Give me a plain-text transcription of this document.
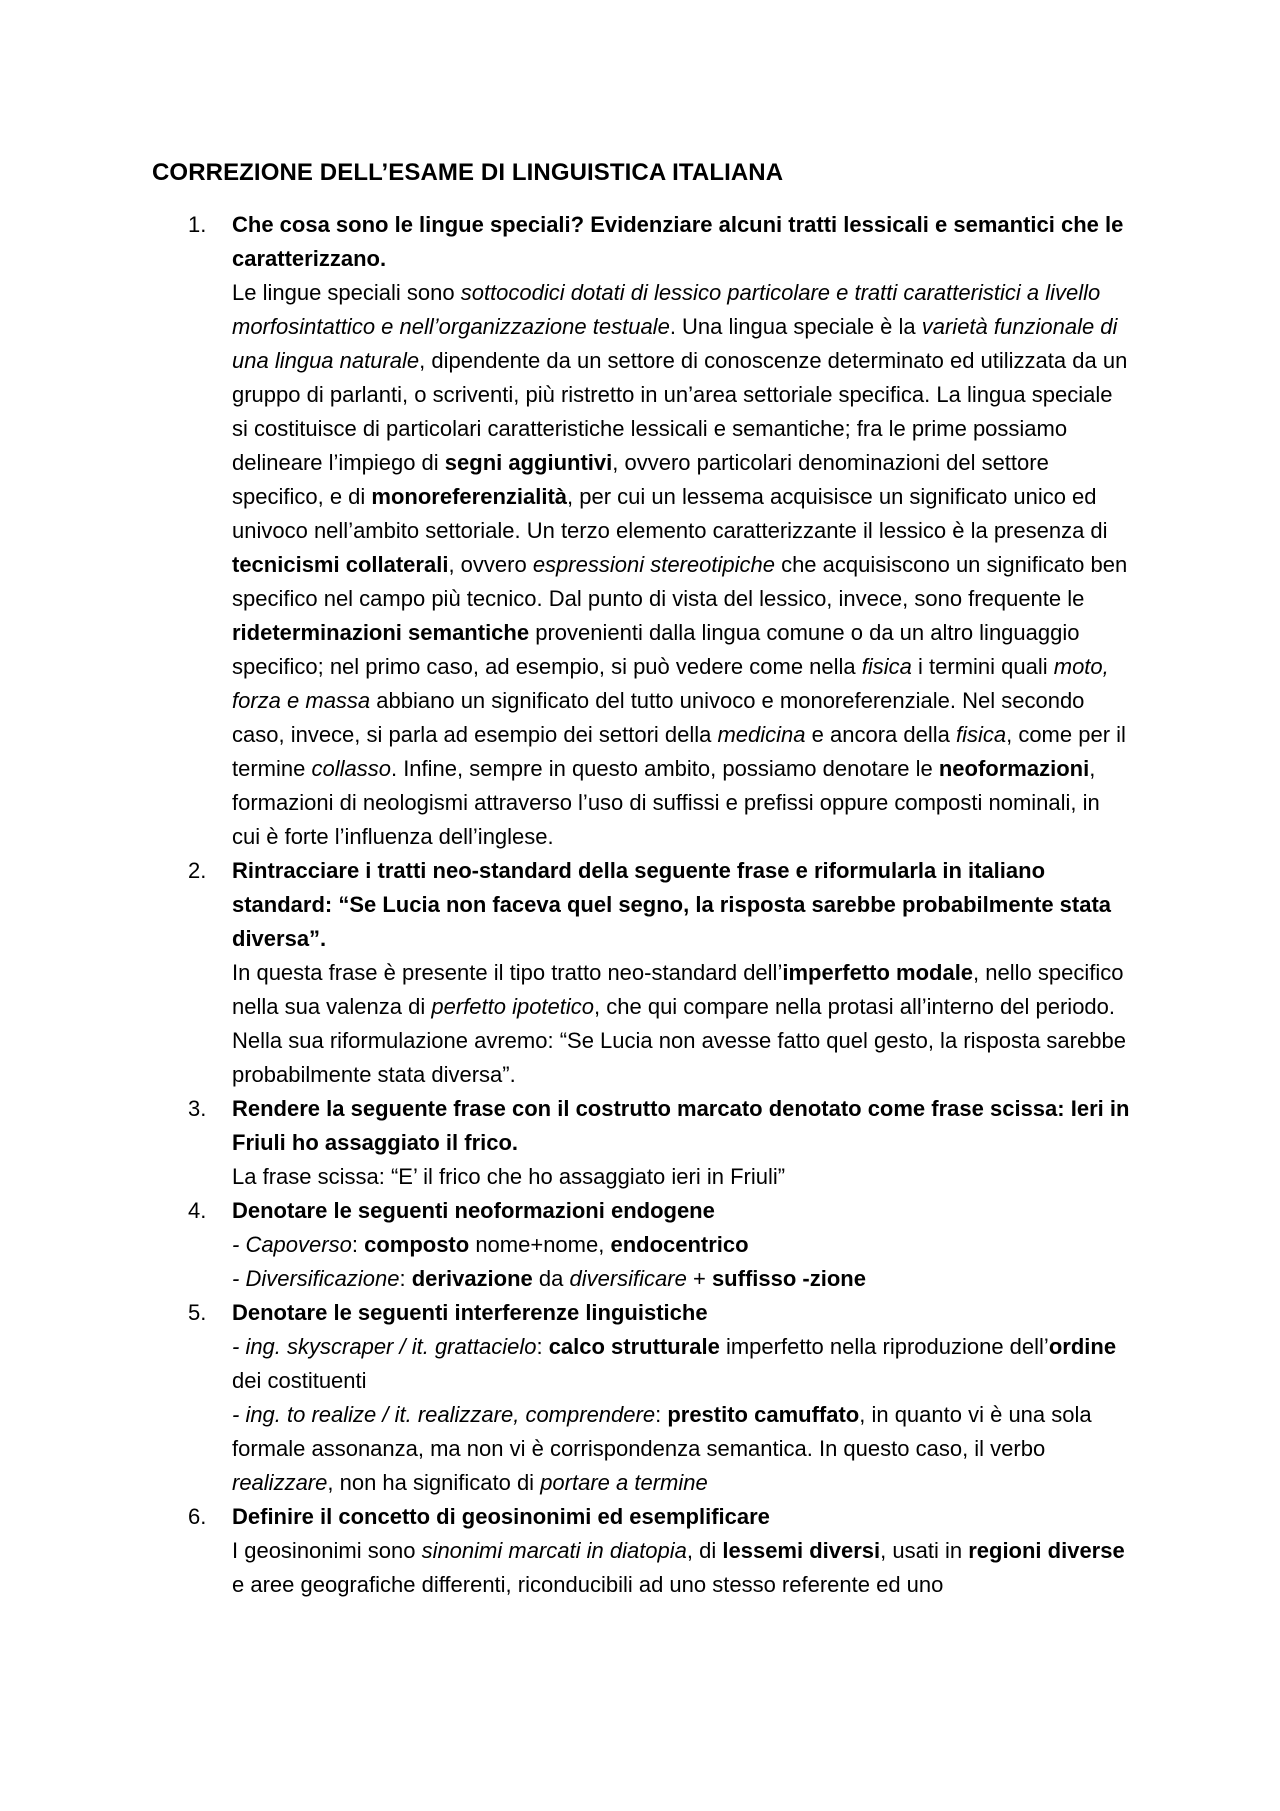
CORREZIONE DELL’ESAME DI LINGUISTICA ITALIANA
1.	Che cosa sono le lingue speciali? Evidenziare alcuni tratti lessicali e semantici che le caratterizzano.
Le lingue speciali sono sottocodici dotati di lessico particolare e tratti caratteristici a livello morfosintattico e nell’organizzazione testuale. Una lingua speciale è la varietà funzionale di una lingua naturale, dipendente da un settore di conoscenze determinato ed utilizzata da un gruppo di parlanti, o scriventi, più ristretto in un’area settoriale specifica. La lingua speciale si costituisce di particolari caratteristiche lessicali e semantiche; fra le prime possiamo delineare l’impiego di segni aggiuntivi, ovvero particolari denominazioni del settore specifico, e di monoreferenzialità, per cui un lessema acquisisce un significato unico ed univoco nell’ambito settoriale. Un terzo elemento caratterizzante il lessico è la presenza di tecnicismi collaterali, ovvero espressioni stereotipiche che acquisiscono un significato ben specifico nel campo più tecnico. Dal punto di vista del lessico, invece, sono frequente le rideterminazioni semantiche provenienti dalla lingua comune o da un altro linguaggio specifico; nel primo caso, ad esempio, si può vedere come nella fisica i termini quali moto, forza e massa abbiano un significato del tutto univoco e monoreferenziale. Nel secondo caso, invece, si parla ad esempio dei settori della medicina e ancora della fisica, come per il termine collasso. Infine, sempre in questo ambito, possiamo denotare le neoformazioni, formazioni di neologismi attraverso l’uso di suffissi e prefissi oppure composti nominali, in cui è forte l’influenza dell’inglese.
2.	Rintracciare i tratti neo-standard della seguente frase e riformularla in italiano standard: “Se Lucia non faceva quel segno, la risposta sarebbe probabilmente stata diversa”.
In questa frase è presente il tipo tratto neo-standard dell’imperfetto modale, nello specifico nella sua valenza di perfetto ipotetico, che qui compare nella protasi all’interno del periodo. Nella sua riformulazione avremo: “Se Lucia non avesse fatto quel gesto, la risposta sarebbe probabilmente stata diversa”.
3.	Rendere la seguente frase con il costrutto marcato denotato come frase scissa: Ieri in Friuli ho assaggiato il frico.
La frase scissa: “E’ il frico che ho assaggiato ieri in Friuli”
4.	Denotare le seguenti neoformazioni endogene
- Capoverso: composto nome+nome, endocentrico
- Diversificazione: derivazione da diversificare + suffisso -zione
5.	Denotare le seguenti interferenze linguistiche
- ing. skyscraper / it. grattacielo: calco strutturale imperfetto nella riproduzione dell’ordine dei costituenti
- ing. to realize / it. realizzare, comprendere: prestito camuffato, in quanto vi è una sola formale assonanza, ma non vi è corrispondenza semantica. In questo caso, il verbo realizzare, non ha significato di portare a termine
6.	Definire il concetto di geosinonimi ed esemplificare
I geosinonimi sono sinonimi marcati in diatopia, di lessemi diversi, usati in regioni diverse e aree geografiche differenti, riconducibili ad uno stesso referente ed uno
